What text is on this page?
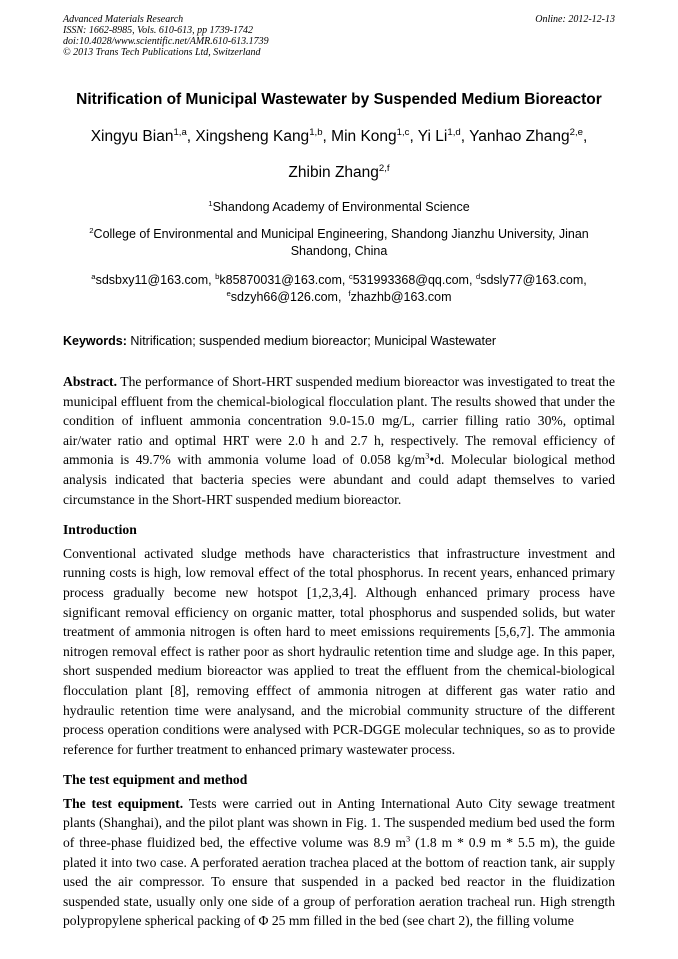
Advanced Materials Research
ISSN: 1662-8985, Vols. 610-613, pp 1739-1742
doi:10.4028/www.scientific.net/AMR.610-613.1739
© 2013 Trans Tech Publications Ltd, Switzerland
Online: 2012-12-13
Nitrification of Municipal Wastewater by Suspended Medium Bioreactor
Xingyu Bian$^{1,a}$, Xingsheng Kang$^{1,b}$, Min Kong$^{1,c}$, Yi Li$^{1,d}$, Yanhao Zhang$^{2,e}$,
Zhibin Zhang$^{2,f}$
$^1$Shandong Academy of Environmental Science
$^2$College of Environmental and Municipal Engineering, Shandong Jianzhu University, Jinan Shandong, China
$^a$sdsbxy11@163.com, $^b$k85870031@163.com, $^c$531993368@qq.com, $^d$sdsly77@163.com,
$^e$sdzyh66@126.com,  $^f$zhazhb@163.com
Keywords: Nitrification; suspended medium bioreactor; Municipal Wastewater

Abstract. The performance of Short-HRT suspended medium bioreactor was investigated to treat the municipal effluent from the chemical-biological flocculation plant. The results showed that under the condition of influent ammonia concentration 9.0-15.0 mg/L, carrier filling ratio 30%, optimal air/water ratio and optimal HRT were 2.0 h and 2.7 h, respectively. The removal efficiency of ammonia is 49.7% with ammonia volume load of 0.058 $kg/m^3•d$. Molecular biological method analysis indicated that bacteria species were abundant and could adapt themselves to varied circumstance in the Short-HRT suspended medium bioreactor.

Introduction

Conventional activated sludge methods have characteristics that infrastructure investment and running costs is high, low removal effect of the total phosphorus. In recent years, enhanced primary process gradually become new hotspot [1,2,3,4]. Although enhanced primary process have significant removal efficiency on organic matter, total phosphorus and suspended solids, but water treatment of ammonia nitrogen is often hard to meet emissions requirements [5,6,7]. The ammonia nitrogen removal effect is rather poor as short hydraulic retention time and sludge age. In this paper, short suspended medium bioreactor was applied to treat the effluent from the chemical-biological flocculation plant [8], removing efffect of ammonia nitrogen at different gas water ratio and hydraulic retention time were analysand, and the microbial community structure of the different process operation conditions were analysed with PCR-DGGE molecular techniques, so as to provide reference for further treatment to enhanced primary wastewater process.

The test equipment and method

The test equipment. Tests were carried out in Anting International Auto City sewage treatment plants (Shanghai), and the pilot plant was shown in Fig. 1. The suspended medium bed used the form of three-phase fluidized bed, the effective volume was 8.9 $m^3$ (1.8 m * 0.9 m * 5.5 m), the guide plated it into two case. A perforated aeration trachea placed at the bottom of reaction tank, air supply used the air compressor. To ensure that suspended in a packed bed reactor in the fluidization suspended state, usually only one side of a group of perforation aeration tracheal run. High strength polypropylene spherical packing of Φ 25 mm filled in the bed (see chart 2), the filling volume
